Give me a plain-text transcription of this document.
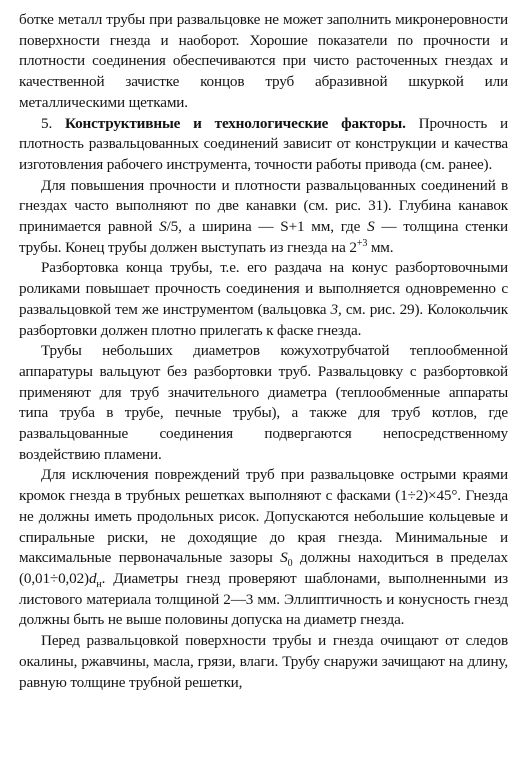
ботке металл трубы при развальцовке не может заполнить микронеровности поверхности гнезда и наоборот. Хорошие показатели по прочности и плотности соединения обеспечиваются при чисто расточенных гнездах и качественной зачистке концов труб абразивной шкуркой или металлическими щетками.

5. Конструктивные и технологические факторы. Прочность и плотность развальцованных соединений зависит от конструкции и качества изготовления рабочего инструмента, точности работы привода (см. ранее).

Для повышения прочности и плотности развальцованных соединений в гнездах часто выполняют по две канавки (см. рис. 31). Глубина канавок принимается равной S/5, а ширина — S+1 мм, где S — толщина стенки трубы. Конец трубы должен выступать из гнезда на $2^{+3}$ мм.

Разбортовка конца трубы, т.е. его раздача на конус разбортовочными роликами повышает прочность соединения и выполняется одновременно с развальцовкой тем же инструментом (вальцовка 3, см. рис. 29). Колокольчик разбортовки должен плотно прилегать к фаске гнезда.

Трубы небольших диаметров кожухотрубчатой теплообменной аппаратуры вальцуют без разбортовки труб. Развальцовку с разбортовкой применяют для труб значительного диаметра (теплообменные аппараты типа труба в трубе, печные трубы), а также для труб котлов, где развальцованные соединения подвергаются непосредственному воздействию пламени.

Для исключения повреждений труб при развальцовке острыми краями кромок гнезда в трубных решетках выполняют с фасками (1÷2)×45°. Гнезда не должны иметь продольных рисок. Допускаются небольшие кольцевые и спиральные риски, не доходящие до края гнезда. Минимальные и максимальные первоначальные зазоры $S_0$ должны находиться в пределах $(0,01\div 0,02)d_н$. Диаметры гнезд проверяют шаблонами, выполненными из листового материала толщиной 2—3 мм. Эллиптичность и конусность гнезд должны быть не выше половины допуска на диаметр гнезда.

Перед развальцовкой поверхности трубы и гнезда очищают от следов окалины, ржавчины, масла, грязи, влаги. Трубу снаружи зачищают на длину, равную толщине трубной решетки,
